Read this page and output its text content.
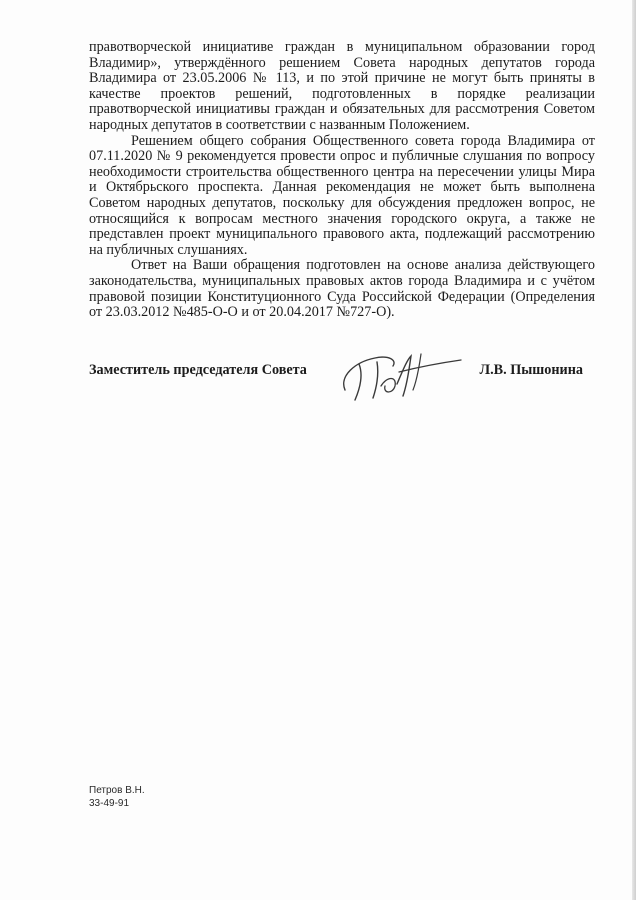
правотворческой инициативе граждан в муниципальном образовании город Владимир», утверждённого решением Совета народных депутатов города Владимира от 23.05.2006 № 113, и по этой причине не могут быть приняты в качестве проектов решений, подготовленных в порядке реализации правотворческой инициативы граждан и обязательных для рассмотрения Советом народных депутатов в соответствии с названным Положением.

Решением общего собрания Общественного совета города Владимира от 07.11.2020 № 9 рекомендуется провести опрос и публичные слушания по вопросу необходимости строительства общественного центра на пересечении улицы Мира и Октябрьского проспекта. Данная рекомендация не может быть выполнена Советом народных депутатов, поскольку для обсуждения предложен вопрос, не относящийся к вопросам местного значения городского округа, а также не представлен проект муниципального правового акта, подлежащий рассмотрению на публичных слушаниях.

Ответ на Ваши обращения подготовлен на основе анализа действующего законодательства, муниципальных правовых актов города Владимира и с учётом правовой позиции Конституционного Суда Российской Федерации (Определения от 23.03.2012 №485-О-О и от 20.04.2017 №727-О).

Заместитель председателя Совета	Л.В. Пышонина
Петров В.Н.
33-49-91
